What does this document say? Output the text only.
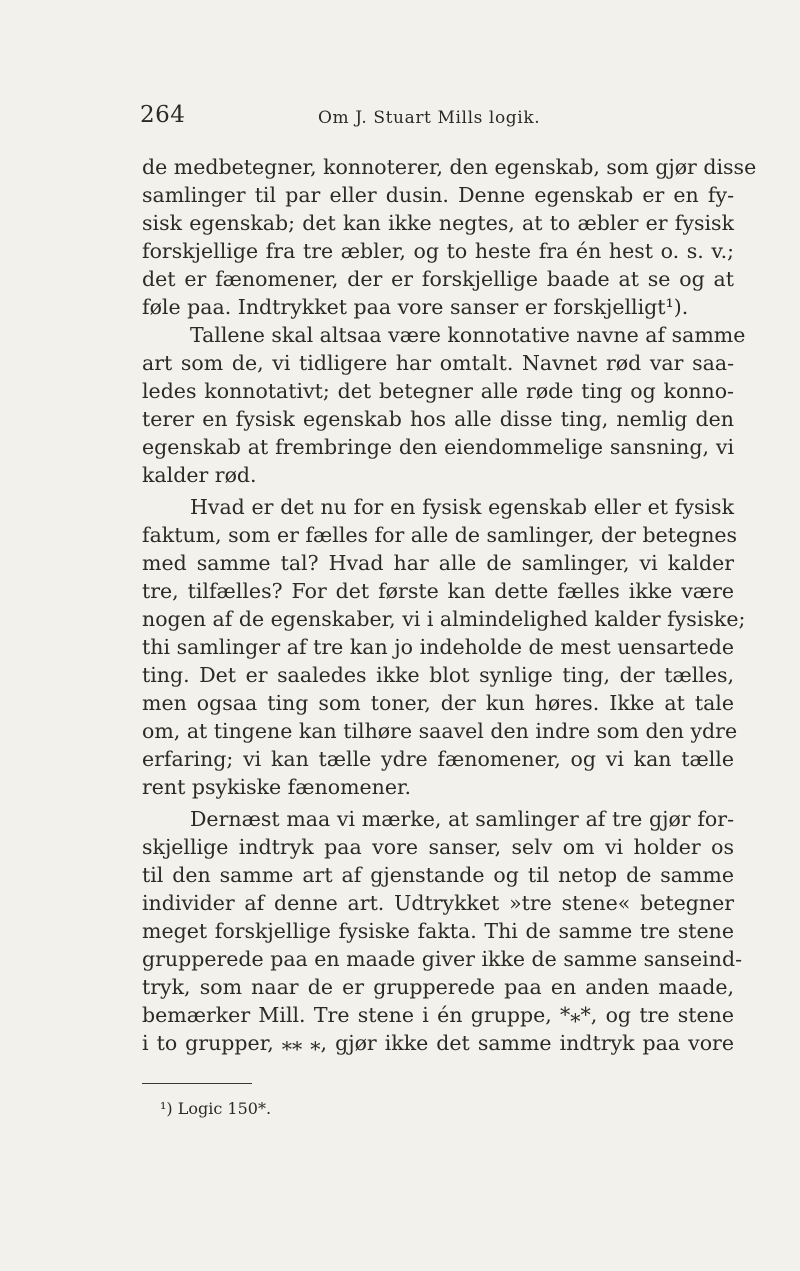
264	Om J. Stuart Mills logik.
de medbetegner, konnoterer, den egenskab, som gjør disse
samlinger til par eller dusin. Denne egenskab er en fy-
sisk egenskab; det kan ikke negtes, at to æbler er fysisk
forskjellige fra tre æbler, og to heste fra én hest o. s. v.;
det er fænomener, der er forskjellige baade at se og at
føle paa. Indtrykket paa vore sanser er forskjelligt¹).
Tallene skal altsaa være konnotative navne af samme
art som de, vi tidligere har omtalt. Navnet rød var saa-
ledes konnotativt; det betegner alle røde ting og konno-
terer en fysisk egenskab hos alle disse ting, nemlig den
egenskab at frembringe den eiendommelige sansning, vi
kalder rød.
Hvad er det nu for en fysisk egenskab eller et fysisk
faktum, som er fælles for alle de samlinger, der betegnes
med samme tal? Hvad har alle de samlinger, vi kalder
tre, tilfælles? For det første kan dette fælles ikke være
nogen af de egenskaber, vi i almindelighed kalder fysiske;
thi samlinger af tre kan jo indeholde de mest uensartede
ting. Det er saaledes ikke blot synlige ting, der tælles,
men ogsaa ting som toner, der kun høres. Ikke at tale
om, at tingene kan tilhøre saavel den indre som den ydre
erfaring; vi kan tælle ydre fænomener, og vi kan tælle
rent psykiske fænomener.
Dernæst maa vi mærke, at samlinger af tre gjør for-
skjellige indtryk paa vore sanser, selv om vi holder os
til den samme art af gjenstande og til netop de samme
individer af denne art. Udtrykket »tre stene« betegner
meget forskjellige fysiske fakta. Thi de samme tre stene
grupperede paa en maade giver ikke de samme sanseind-
tryk, som naar de er grupperede paa en anden maade,
bemærker Mill. Tre stene i én gruppe, *⁎*, og tre stene
i to grupper, ⁎⁎ ⁎, gjør ikke det samme indtryk paa vore
¹) Logic 150*.
